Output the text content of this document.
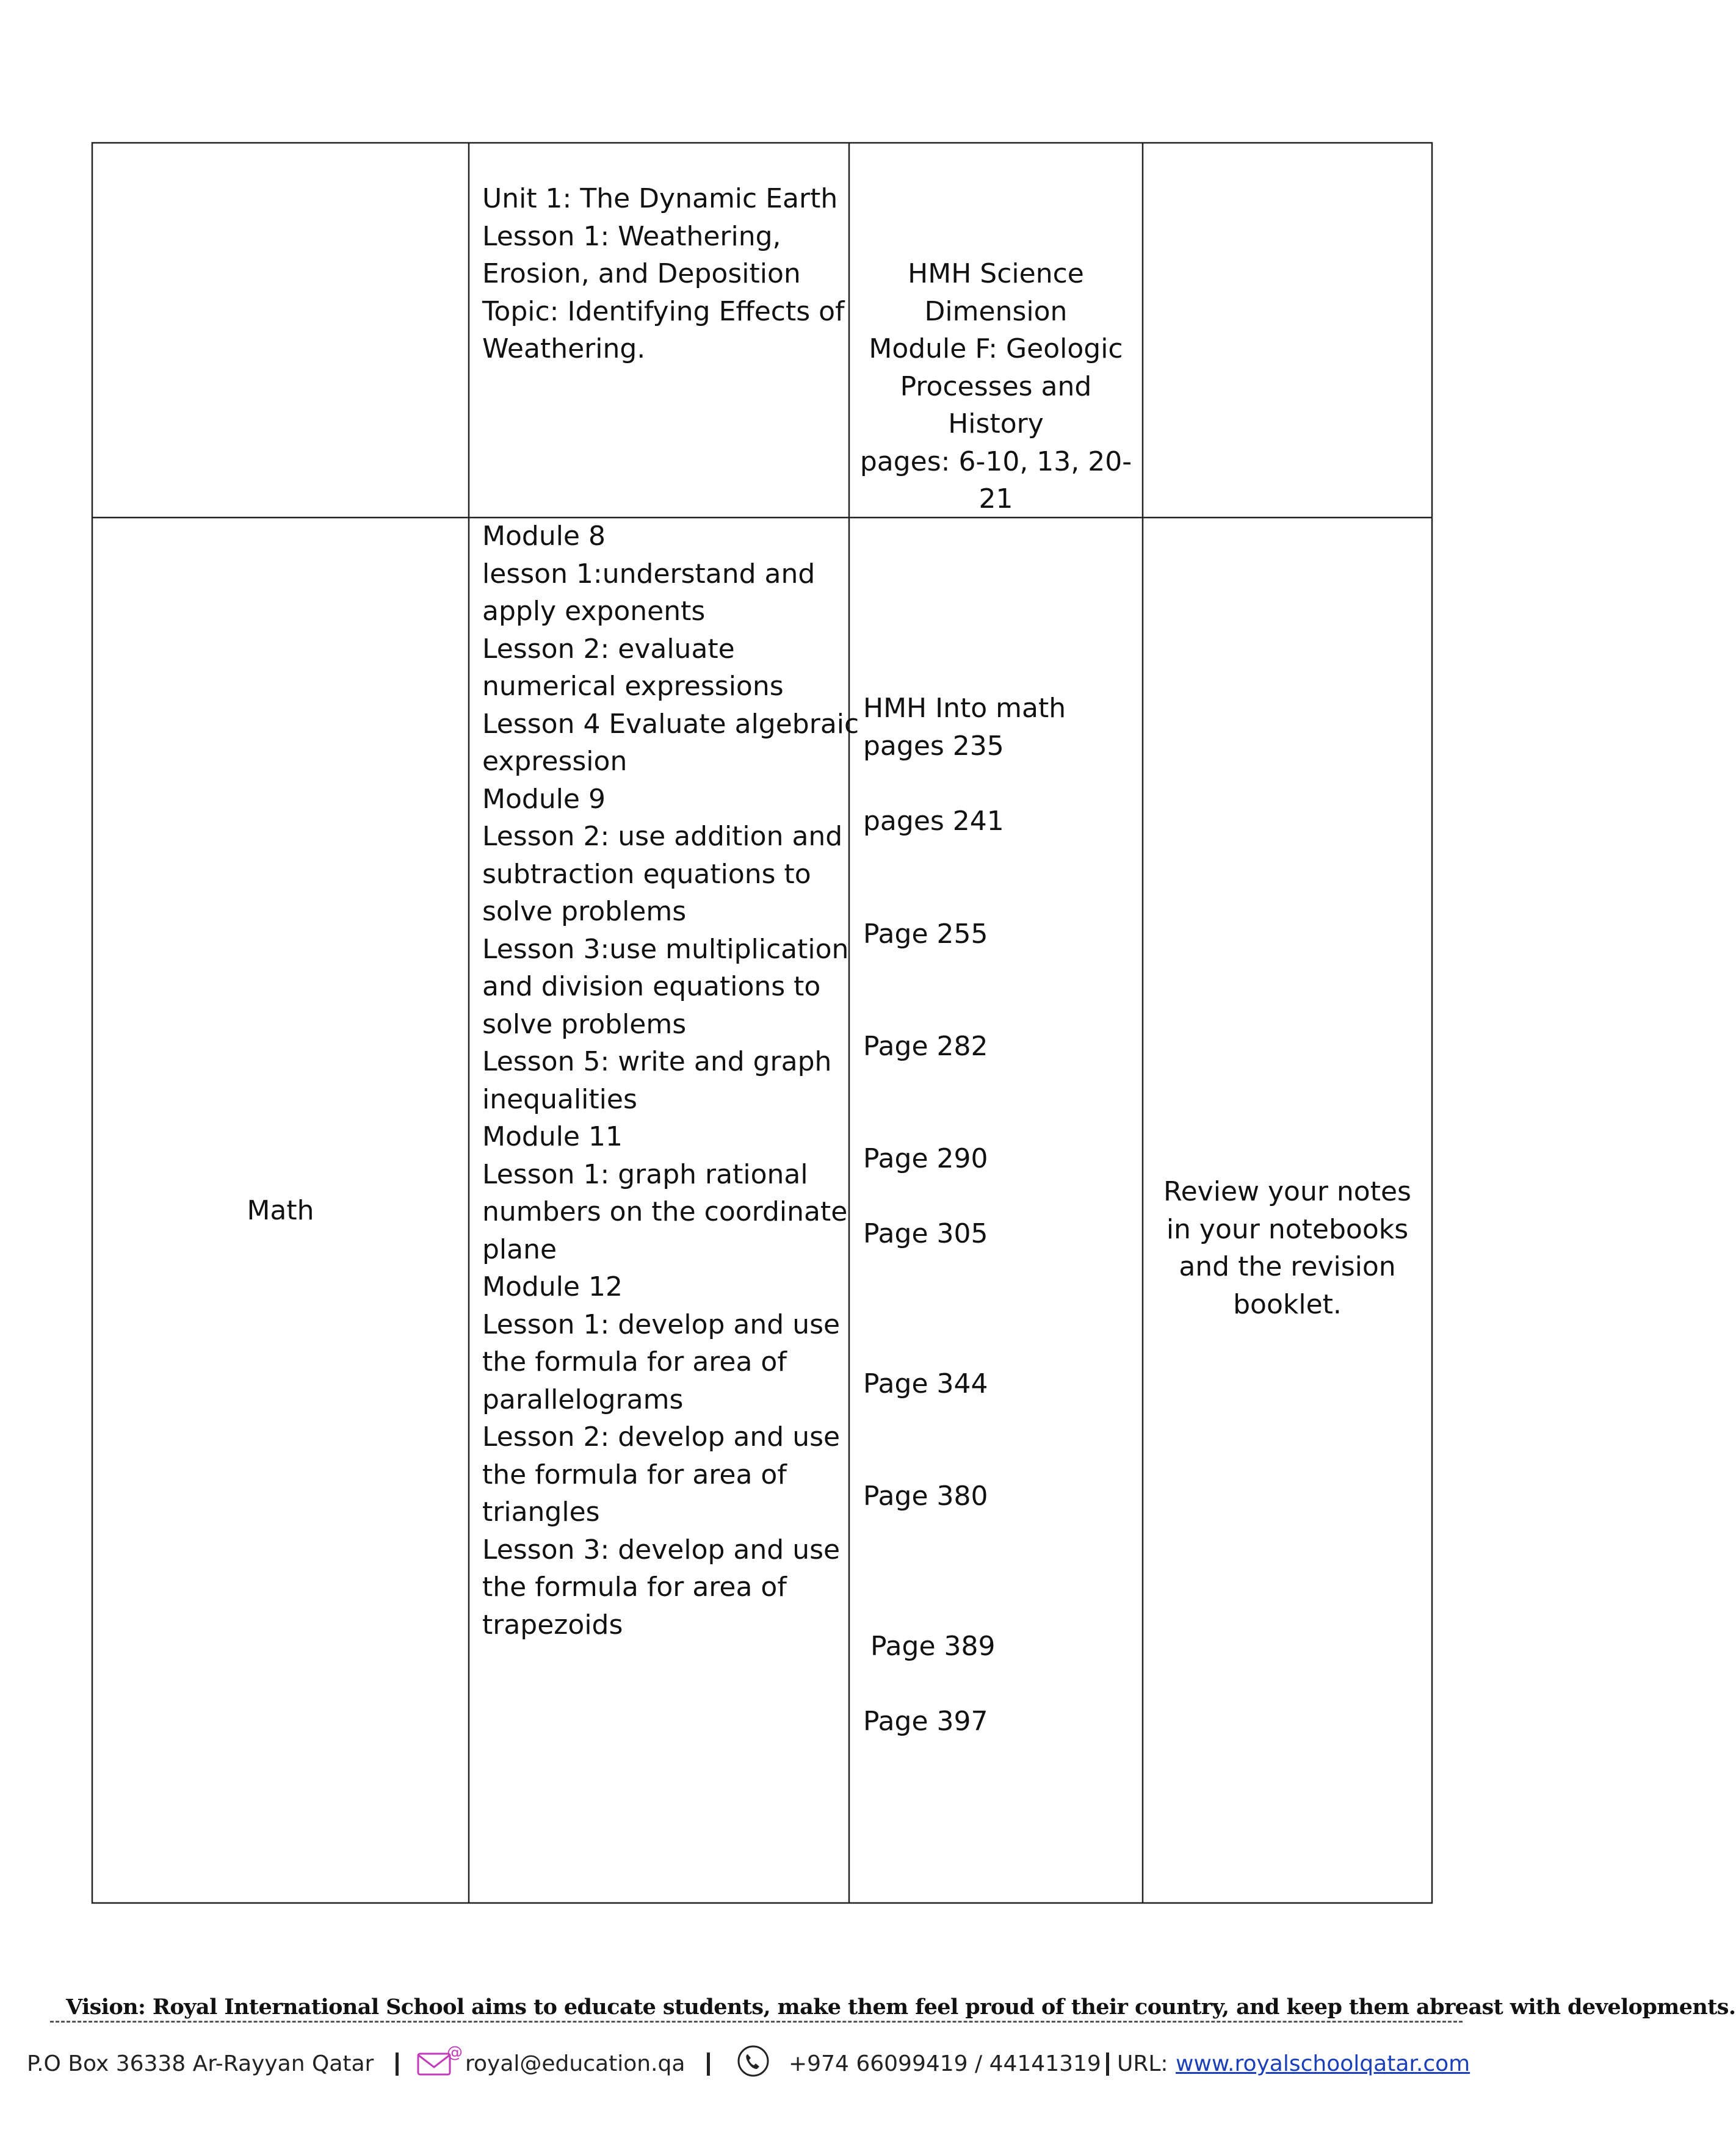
Unit 1: The Dynamic Earth
Lesson 1: Weathering,
Erosion, and Deposition
Topic: Identifying Effects of
Weathering.
HMH Science
Dimension
Module F: Geologic
Processes and
History
pages: 6-10, 13, 20-
21
Math
Module 8
lesson 1:understand and
apply exponents
Lesson 2: evaluate
numerical expressions
Lesson 4 Evaluate algebraic
expression
Module 9
Lesson 2: use addition and
subtraction equations to
solve problems
Lesson 3:use multiplication
and division equations to
solve problems
Lesson 5: write and graph
inequalities
Module 11
Lesson 1: graph rational
numbers on the coordinate
plane
Module 12
Lesson 1: develop and use
the formula for area of
parallelograms
Lesson 2: develop and use
the formula for area of
triangles
Lesson 3: develop and use
the formula for area of
trapezoids
HMH Into math
pages 235
pages 241
Page 255
Page 282
Page 290
Page 305
Page 344
Page 380
Page 389
Page 397
Review your notes
in your notebooks
and the revision
booklet.
Vision: Royal International School aims to educate students, make them feel proud of their country, and keep them abreast with developments.
P.O Box 36338 Ar-Rayyan Qatar	@ royal@education.qa	+974 66099419 / 44141319 URL: www.royalschoolqatar.com
